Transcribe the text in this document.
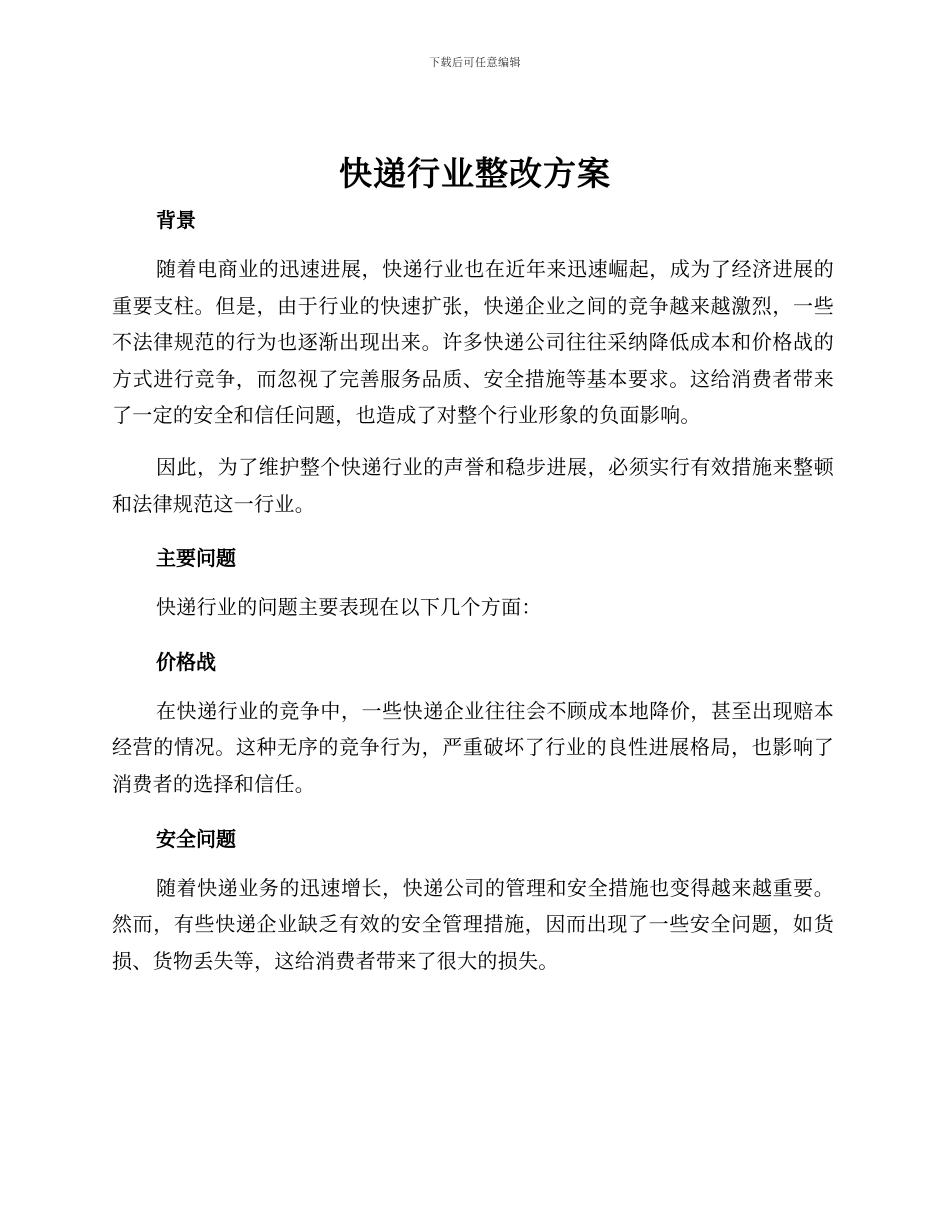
下载后可任意编辑
快递行业整改方案
背景

随着电商业的迅速进展，快递行业也在近年来迅速崛起，成为了经济进展的重要支柱。但是，由于行业的快速扩张，快递企业之间的竞争越来越激烈，一些不法律规范的行为也逐渐出现出来。许多快递公司往往采纳降低成本和价格战的方式进行竞争，而忽视了完善服务品质、安全措施等基本要求。这给消费者带来了一定的安全和信任问题，也造成了对整个行业形象的负面影响。

因此，为了维护整个快递行业的声誉和稳步进展，必须实行有效措施来整顿和法律规范这一行业。

主要问题

快递行业的问题主要表现在以下几个方面：

价格战

在快递行业的竞争中，一些快递企业往往会不顾成本地降价，甚至出现赔本经营的情况。这种无序的竞争行为，严重破坏了行业的良性进展格局，也影响了消费者的选择和信任。

安全问题

随着快递业务的迅速增长，快递公司的管理和安全措施也变得越来越重要。然而，有些快递企业缺乏有效的安全管理措施，因而出现了一些安全问题，如货损、货物丢失等，这给消费者带来了很大的损失。
